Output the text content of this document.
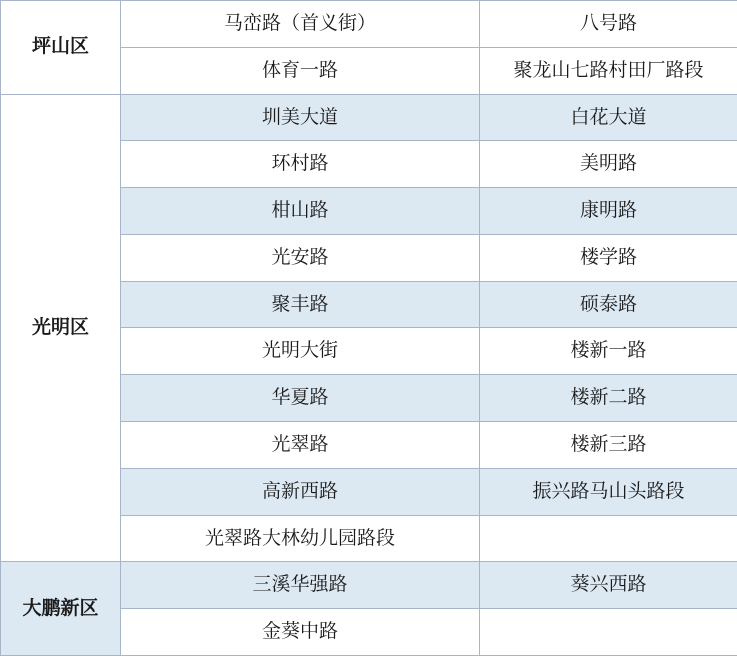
坪山区	马峦路（首义街）	八号路
	体育一路	聚龙山七路村田厂路段
光明区	圳美大道	白花大道
	环村路	美明路
	柑山路	康明路
	光安路	楼学路
	聚丰路	硕泰路
	光明大街	楼新一路
	华夏路	楼新二路
	光翠路	楼新三路
	高新西路	振兴路马山头路段
	光翠路大林幼儿园路段	
大鹏新区	三溪华强路	葵兴西路
	金葵中路	
